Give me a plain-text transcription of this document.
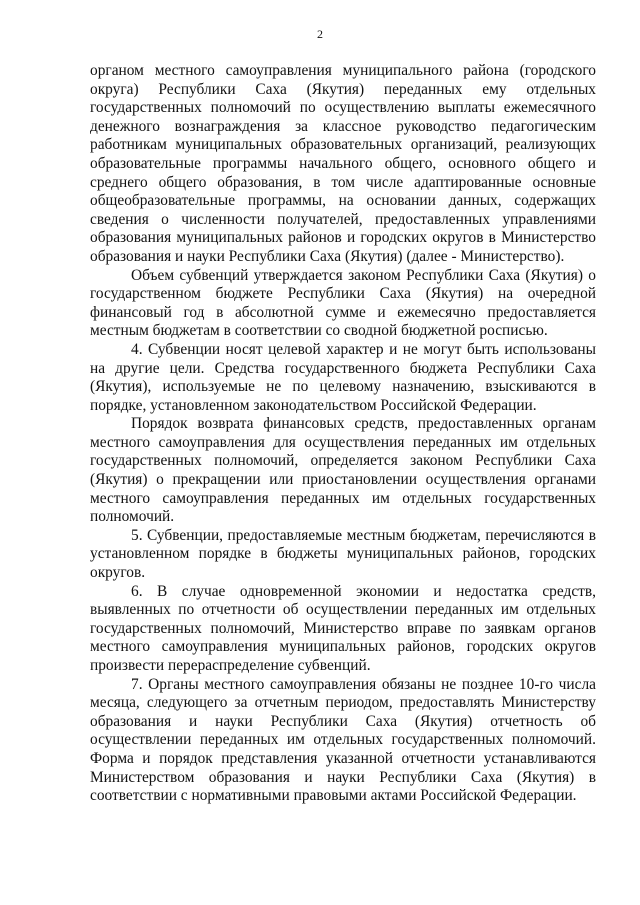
2

органом местного самоуправления муниципального района (городского округа) Республики Саха (Якутия) переданных ему отдельных государственных полномочий по осуществлению выплаты ежемесячного денежного вознаграждения за классное руководство педагогическим работникам муниципальных образовательных организаций, реализующих образовательные программы начального общего, основного общего и среднего общего образования, в том числе адаптированные основные общеобразовательные программы, на основании данных, содержащих сведения о численности получателей, предоставленных управлениями образования муниципальных районов и городских округов в Министерство образования и науки Республики Саха (Якутия) (далее - Министерство).

Объем субвенций утверждается законом Республики Саха (Якутия) о государственном бюджете Республики Саха (Якутия) на очередной финансовый год в абсолютной сумме и ежемесячно предоставляется местным бюджетам в соответствии со сводной бюджетной росписью.

4. Субвенции носят целевой характер и не могут быть использованы на другие цели. Средства государственного бюджета Республики Саха (Якутия), используемые не по целевому назначению, взыскиваются в порядке, установленном законодательством Российской Федерации.

Порядок возврата финансовых средств, предоставленных органам местного самоуправления для осуществления переданных им отдельных государственных полномочий, определяется законом Республики Саха (Якутия) о прекращении или приостановлении осуществления органами местного самоуправления переданных им отдельных государственных полномочий.

5. Субвенции, предоставляемые местным бюджетам, перечисляются в установленном порядке в бюджеты муниципальных районов, городских округов.

6. В случае одновременной экономии и недостатка средств, выявленных по отчетности об осуществлении переданных им отдельных государственных полномочий, Министерство вправе по заявкам органов местного самоуправления муниципальных районов, городских округов произвести перераспределение субвенций.

7. Органы местного самоуправления обязаны не позднее 10-го числа месяца, следующего за отчетным периодом, предоставлять Министерству образования и науки Республики Саха (Якутия) отчетность об осуществлении переданных им отдельных государственных полномочий. Форма и порядок представления указанной отчетности устанавливаются Министерством образования и науки Республики Саха (Якутия) в соответствии с нормативными правовыми актами Российской Федерации.
